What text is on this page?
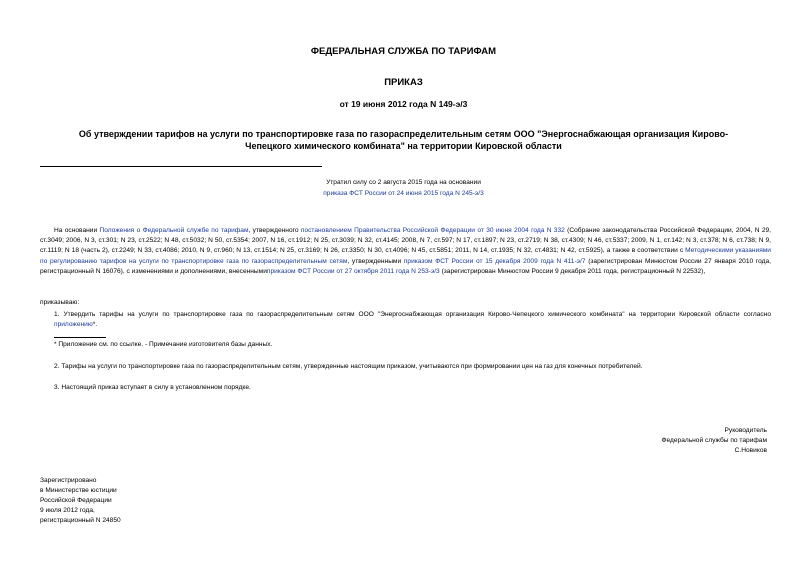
ФЕДЕРАЛЬНАЯ СЛУЖБА ПО ТАРИФАМ
ПРИКАЗ
от 19 июня 2012 года N 149-э/3
Об утверждении тарифов на услуги по транспортировке газа по газораспределительным сетям ООО "Энергоснабжающая организация Кирово-Чепецкого химического комбината" на территории Кировской области
Утратил силу со 2 августа 2015 года на основании
приказа ФСТ России от 24 июня 2015 года N 245-э/3
На основании Положения о Федеральной службе по тарифам, утвержденного постановлением Правительства Российской Федерации от 30 июня 2004 года N 332 (Собрание законодательства Российской Федерации, 2004, N 29, ст.3049; 2006, N 3, ст.301; N 23, ст.2522; N 48, ст.5032; N 50, ст.5354; 2007, N 16, ст.1912; N 25, ст.3039; N 32, ст.4145; 2008, N 7, ст.597; N 17, ст.1897; N 23, ст.2719; N 38, ст.4309; N 46, ст.5337; 2009, N 1, ст.142; N 3, ст.378; N 6, ст.738; N 9, ст.1119; N 18 (часть 2), ст.2249; N 33, ст.4086; 2010, N 9, ст.960; N 13, ст.1514; N 25, ст.3169; N 26, ст.3350; N 30, ст.4096; N 45, ст.5851; 2011, N 14, ст.1935; N 32, ст.4831; N 42, ст.5925), а также в соответствии с Методическими указаниями по регулированию тарифов на услуги по транспортировке газа по газораспределительным сетям, утвержденными приказом ФСТ России от 15 декабря 2009 года N 411-э/7 (зарегистрирован Минюстом России 27 января 2010 года, регистрационный N 16076), с изменениями и дополнениями, внесеннымиприказом ФСТ России от 27 октября 2011 года N 253-э/3 (зарегистрирован Минюстом России 9 декабря 2011 года, регистрационный N 22532),
приказываю:
1. Утвердить тарифы на услуги по транспортировке газа по газораспределительным сетям ООО "Энергоснабжающая организация Кирово-Чепецкого химического комбината" на территории Кировской области согласно приложению*.
* Приложение см. по ссылке. - Примечание изготовителя базы данных.
2. Тарифы на услуги по транспортировке газа по газораспределительным сетям, утвержденные настоящим приказом, учитываются при формировании цен на газ для конечных потребителей.
3. Настоящий приказ вступает в силу в установленном порядке.
Руководитель
Федеральной службы по тарифам
С.Новиков
Зарегистрировано
в Министерстве юстиции
Российской Федерации
9 июля 2012 года,
регистрационный N 24850
